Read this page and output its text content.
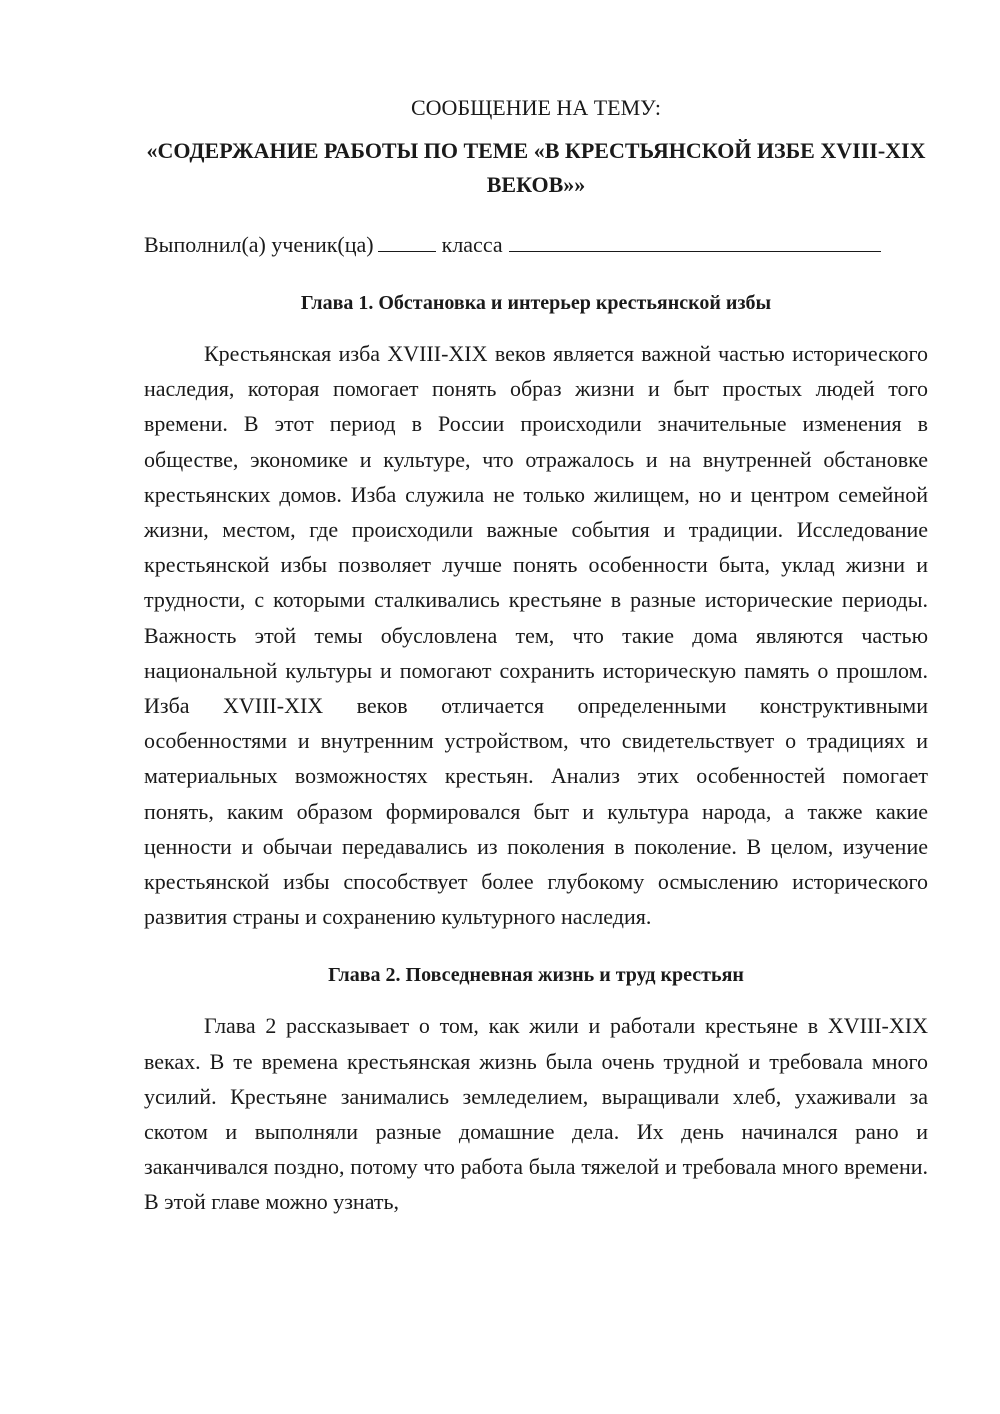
СООБЩЕНИЕ НА ТЕМУ:

«СОДЕРЖАНИЕ РАБОТЫ ПО ТЕМЕ «В КРЕСТЬЯНСКОЙ ИЗБЕ XVIII-XIX ВЕКОВ»»

Выполнил(а) ученик(ца)	класса

Глава 1. Обстановка и интерьер крестьянской избы

Крестьянская изба XVIII-XIX веков является важной частью исторического наследия, которая помогает понять образ жизни и быт простых людей того времени. В этот период в России происходили значительные изменения в обществе, экономике и культуре, что отражалось и на внутренней обстановке крестьянских домов. Изба служила не только жилищем, но и центром семейной жизни, местом, где происходили важные события и традиции. Исследование крестьянской избы позволяет лучше понять особенности быта, уклад жизни и трудности, с которыми сталкивались крестьяне в разные исторические периоды. Важность этой темы обусловлена тем, что такие дома являются частью национальной культуры и помогают сохранить историческую память о прошлом. Изба XVIII-XIX веков отличается определенными конструктивными особенностями и внутренним устройством, что свидетельствует о традициях и материальных возможностях крестьян. Анализ этих особенностей помогает понять, каким образом формировался быт и культура народа, а также какие ценности и обычаи передавались из поколения в поколение. В целом, изучение крестьянской избы способствует более глубокому осмыслению исторического развития страны и сохранению культурного наследия.

Глава 2. Повседневная жизнь и труд крестьян

Глава 2 рассказывает о том, как жили и работали крестьяне в XVIII-XIX веках. В те времена крестьянская жизнь была очень трудной и требовала много усилий. Крестьяне занимались земледелием, выращивали хлеб, ухаживали за скотом и выполняли разные домашние дела. Их день начинался рано и заканчивался поздно, потому что работа была тяжелой и требовала много времени. В этой главе можно узнать,
